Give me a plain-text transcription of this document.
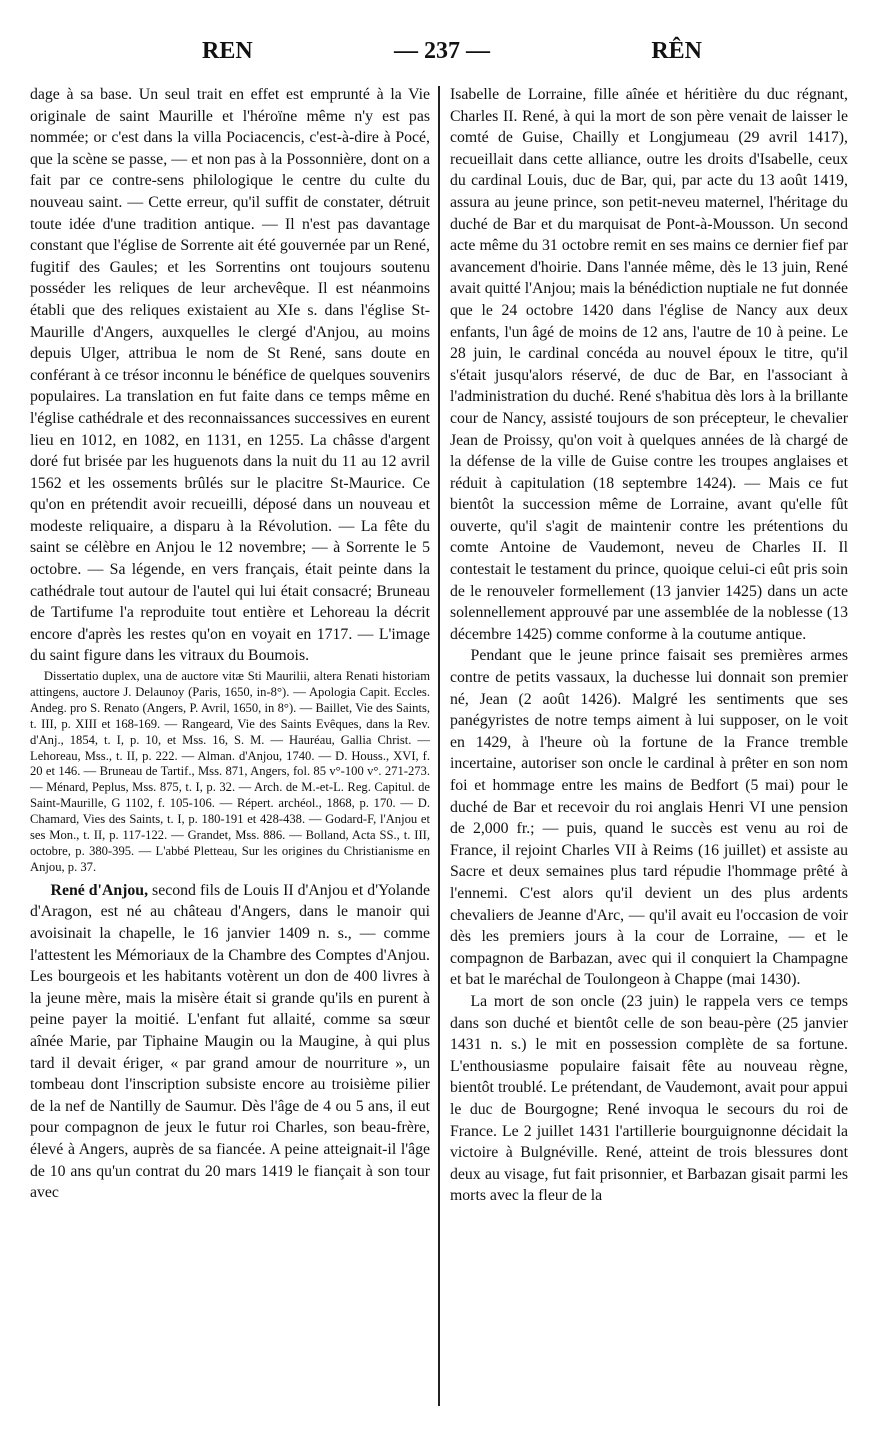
REN	— 237 —	RÊN

dage à sa base. Un seul trait en effet est emprunté à la Vie originale de saint Maurille et l'héroïne même n'y est pas nommée; or c'est dans la villa Pociacencis, c'est-à-dire à Pocé, que la scène se passe, — et non pas à la Possonnière, dont on a fait par ce contre-sens philologique le centre du culte du nouveau saint. — Cette erreur, qu'il suffit de constater, détruit toute idée d'une tradition antique. — Il n'est pas davantage constant que l'église de Sorrente ait été gouvernée par un René, fugitif des Gaules; et les Sorrentins ont toujours soutenu posséder les reliques de leur archevêque. Il est néanmoins établi que des reliques existaient au XIe s. dans l'église St-Maurille d'Angers, auxquelles le clergé d'Anjou, au moins depuis Ulger, attribua le nom de St René, sans doute en conférant à ce trésor inconnu le bénéfice de quelques souvenirs populaires. La translation en fut faite dans ce temps même en l'église cathédrale et des reconnaissances successives en eurent lieu en 1012, en 1082, en 1131, en 1255. La châsse d'argent doré fut brisée par les huguenots dans la nuit du 11 au 12 avril 1562 et les ossements brûlés sur le placitre St-Maurice. Ce qu'on en prétendit avoir recueilli, déposé dans un nouveau et modeste reliquaire, a disparu à la Révolution. — La fête du saint se célèbre en Anjou le 12 novembre; — à Sorrente le 5 octobre. — Sa légende, en vers français, était peinte dans la cathédrale tout autour de l'autel qui lui était consacré; Bruneau de Tartifume l'a reproduite tout entière et Lehoreau la décrit encore d'après les restes qu'on en voyait en 1717. — L'image du saint figure dans les vitraux du Boumois.

Dissertatio duplex, una de auctore vitæ Sti Maurilii, altera Renati historiam attingens, auctore J. Delaunoy (Paris, 1650, in-8°). — Apologia Capit. Eccles. Andeg. pro S. Renato (Angers, P. Avril, 1650, in 8°). — Baillet, Vie des Saints, t. III, p. XIII et 168-169. — Rangeard, Vie des Saints Evêques, dans la Rev. d'Anj., 1854, t. I, p. 10, et Mss. 16, S. M. — Hauréau, Gallia Christ. — Lehoreau, Mss., t. II, p. 222. — Alman. d'Anjou, 1740. — D. Houss., XVI, f. 20 et 146. — Bruneau de Tartif., Mss. 871, Angers, fol. 85 v°-100 v°. 271-273. — Ménard, Peplus, Mss. 875, t. I, p. 32. — Arch. de M.-et-L. Reg. Capitul. de Saint-Maurille, G 1102, f. 105-106. — Répert. archéol., 1868, p. 170. — D. Chamard, Vies des Saints, t. I, p. 180-191 et 428-438. — Godard-F, l'Anjou et ses Mon., t. II, p. 117-122. — Grandet, Mss. 886. — Bolland, Acta SS., t. III, octobre, p. 380-395. — L'abbé Pletteau, Sur les origines du Christianisme en Anjou, p. 37.

René d'Anjou, second fils de Louis II d'Anjou et d'Yolande d'Aragon, est né au château d'Angers, dans le manoir qui avoisinait la chapelle, le 16 janvier 1409 n. s., — comme l'attestent les Mémoriaux de la Chambre des Comptes d'Anjou. Les bourgeois et les habitants votèrent un don de 400 livres à la jeune mère, mais la misère était si grande qu'ils en purent à peine payer la moitié. L'enfant fut allaité, comme sa sœur aînée Marie, par Tiphaine Maugin ou la Maugine, à qui plus tard il devait ériger, « par grand amour de nourriture », un tombeau dont l'inscription subsiste encore au troisième pilier de la nef de Nantilly de Saumur. Dès l'âge de 4 ou 5 ans, il eut pour compagnon de jeux le futur roi Charles, son beau-frère, élevé à Angers, auprès de sa fiancée. A peine atteignait-il l'âge de 10 ans qu'un contrat du 20 mars 1419 le fiançait à son tour avec

Isabelle de Lorraine, fille aînée et héritière du duc régnant, Charles II. René, à qui la mort de son père venait de laisser le comté de Guise, Chailly et Longjumeau (29 avril 1417), recueillait dans cette alliance, outre les droits d'Isabelle, ceux du cardinal Louis, duc de Bar, qui, par acte du 13 août 1419, assura au jeune prince, son petit-neveu maternel, l'héritage du duché de Bar et du marquisat de Pont-à-Mousson. Un second acte même du 31 octobre remit en ses mains ce dernier fief par avancement d'hoirie. Dans l'année même, dès le 13 juin, René avait quitté l'Anjou; mais la bénédiction nuptiale ne fut donnée que le 24 octobre 1420 dans l'église de Nancy aux deux enfants, l'un âgé de moins de 12 ans, l'autre de 10 à peine. Le 28 juin, le cardinal concéda au nouvel époux le titre, qu'il s'était jusqu'alors réservé, de duc de Bar, en l'associant à l'administration du duché. René s'habitua dès lors à la brillante cour de Nancy, assisté toujours de son précepteur, le chevalier Jean de Proissy, qu'on voit à quelques années de là chargé de la défense de la ville de Guise contre les troupes anglaises et réduit à capitulation (18 septembre 1424). — Mais ce fut bientôt la succession même de Lorraine, avant qu'elle fût ouverte, qu'il s'agit de maintenir contre les prétentions du comte Antoine de Vaudemont, neveu de Charles II. Il contestait le testament du prince, quoique celui-ci eût pris soin de le renouveler formellement (13 janvier 1425) dans un acte solennellement approuvé par une assemblée de la noblesse (13 décembre 1425) comme conforme à la coutume antique.

Pendant que le jeune prince faisait ses premières armes contre de petits vassaux, la duchesse lui donnait son premier né, Jean (2 août 1426). Malgré les sentiments que ses panégyristes de notre temps aiment à lui supposer, on le voit en 1429, à l'heure où la fortune de la France tremble incertaine, autoriser son oncle le cardinal à prêter en son nom foi et hommage entre les mains de Bedfort (5 mai) pour le duché de Bar et recevoir du roi anglais Henri VI une pension de 2,000 fr.; — puis, quand le succès est venu au roi de France, il rejoint Charles VII à Reims (16 juillet) et assiste au Sacre et deux semaines plus tard répudie l'hommage prêté à l'ennemi. C'est alors qu'il devient un des plus ardents chevaliers de Jeanne d'Arc, — qu'il avait eu l'occasion de voir dès les premiers jours à la cour de Lorraine, — et le compagnon de Barbazan, avec qui il conquiert la Champagne et bat le maréchal de Toulongeon à Chappe (mai 1430).

La mort de son oncle (23 juin) le rappela vers ce temps dans son duché et bientôt celle de son beau-père (25 janvier 1431 n. s.) le mit en possession complète de sa fortune. L'enthousiasme populaire faisait fête au nouveau règne, bientôt troublé. Le prétendant, de Vaudemont, avait pour appui le duc de Bourgogne; René invoqua le secours du roi de France. Le 2 juillet 1431 l'artillerie bourguignonne décidait la victoire à Bulgnéville. René, atteint de trois blessures dont deux au visage, fut fait prisonnier, et Barbazan gisait parmi les morts avec la fleur de la
